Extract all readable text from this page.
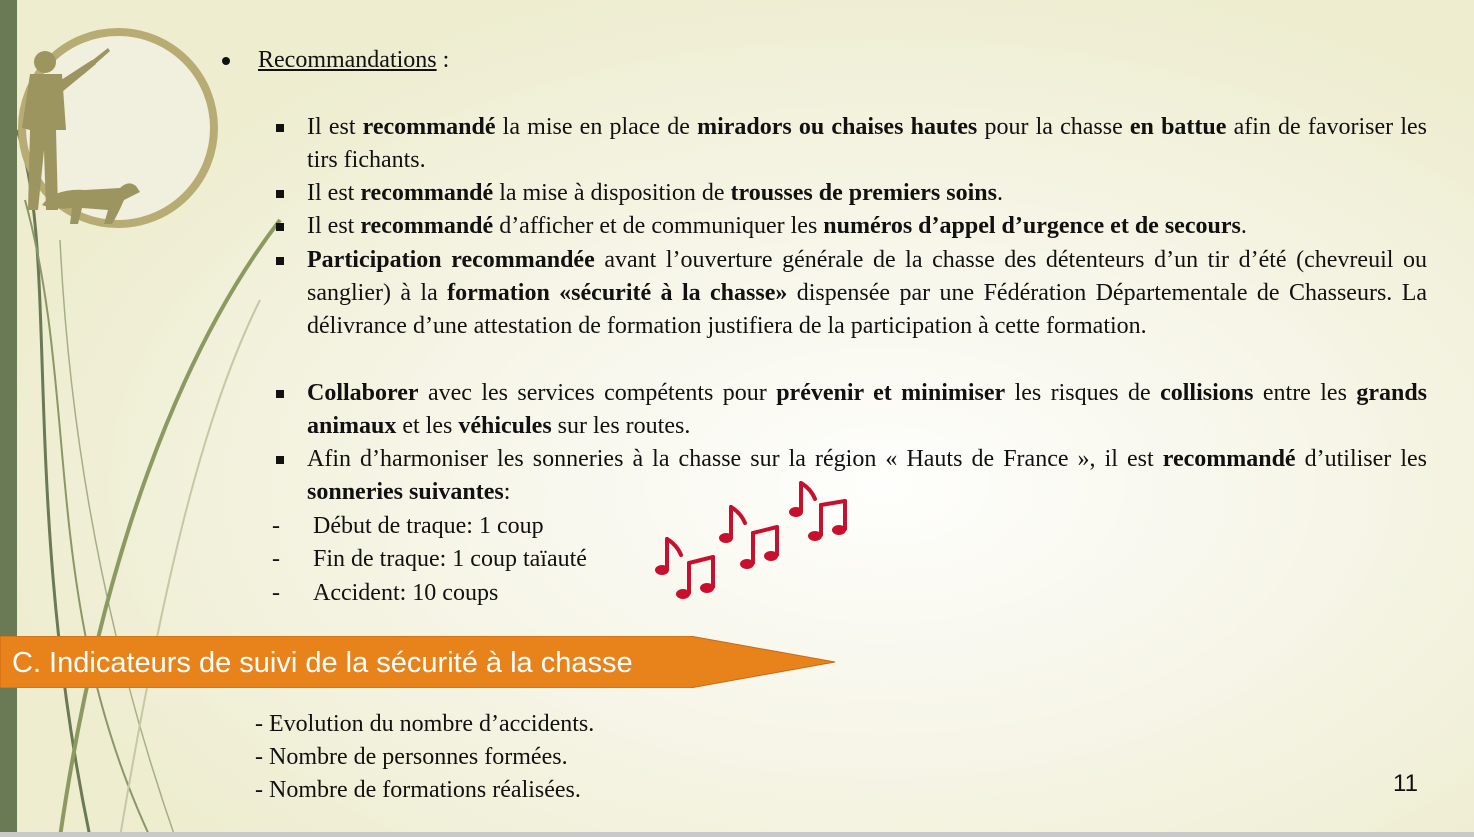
Recommandations :
Il est recommandé la mise en place de miradors ou chaises hautes pour la chasse en battue afin de favoriser les tirs fichants.
Il est recommandé la mise à disposition de trousses de premiers soins.
Il est recommandé d’afficher et de communiquer les numéros d’appel d’urgence et de secours.
Participation recommandée avant l’ouverture générale de la chasse des détenteurs d’un tir d’été (chevreuil ou sanglier) à la formation «sécurité à la chasse» dispensée par une Fédération Départementale de Chasseurs. La délivrance d’une attestation de formation justifiera de la participation à cette formation.
Collaborer avec les services compétents pour prévenir et minimiser les risques de collisions entre les grands animaux et les véhicules sur les routes.
Afin d’harmoniser les sonneries à la chasse sur la région « Hauts de France », il est recommandé d’utiliser les sonneries suivantes:
- Début de traque: 1 coup
- Fin de traque: 1 coup taïauté
- Accident: 10 coups
C. Indicateurs de suivi de la sécurité à la chasse
- Evolution du nombre d’accidents.
- Nombre de personnes formées.
- Nombre de formations réalisées.	11
